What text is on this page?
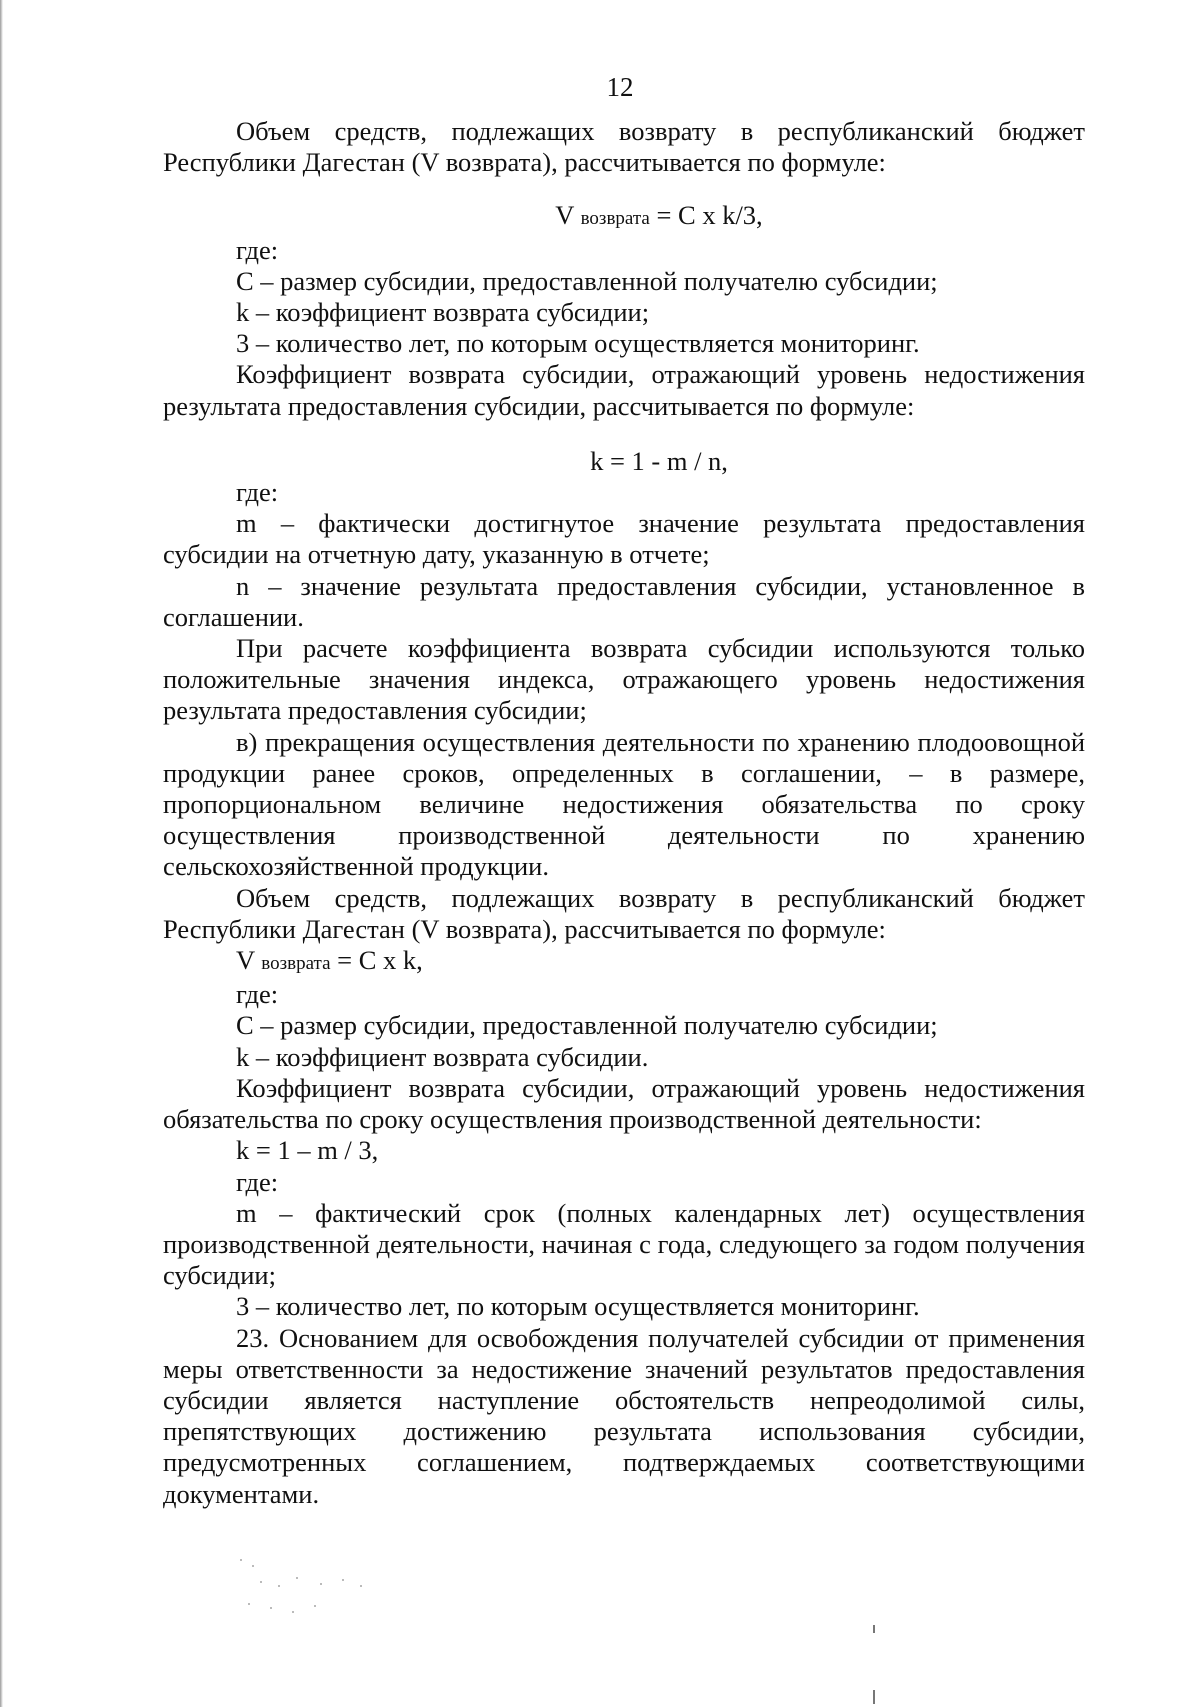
12

Объем средств, подлежащих возврату в республиканский бюджет Республики Дагестан (V возврата), рассчитывается по формуле:

V возврата = C x k/3,

где:

C – размер субсидии, предоставленной получателю субсидии;

k – коэффициент возврата субсидии;

3 – количество лет, по которым осуществляется мониторинг.

Коэффициент возврата субсидии, отражающий уровень недостижения результата предоставления субсидии, рассчитывается по формуле:

k = 1 - m / n,

где:

m – фактически достигнутое значение результата предоставления субсидии на отчетную дату, указанную в отчете;

n – значение результата предоставления субсидии, установленное в соглашении.

При расчете коэффициента возврата субсидии используются только положительные значения индекса, отражающего уровень недостижения результата предоставления субсидии;

в) прекращения осуществления деятельности по хранению плодоовощной продукции ранее сроков, определенных в соглашении, – в размере, пропорциональном величине недостижения обязательства по сроку осуществления производственной деятельности по хранению сельскохозяйственной продукции.

Объем средств, подлежащих возврату в республиканский бюджет Республики Дагестан (V возврата), рассчитывается по формуле:

V возврата = C x k,

где:

C – размер субсидии, предоставленной получателю субсидии;

k – коэффициент возврата субсидии.

Коэффициент возврата субсидии, отражающий уровень недостижения обязательства по сроку осуществления производственной деятельности:

k = 1 – m / 3,

где:

m – фактический срок (полных календарных лет) осуществления производственной деятельности, начиная с года, следующего за годом получения субсидии;

3 – количество лет, по которым осуществляется мониторинг.

23. Основанием для освобождения получателей субсидии от применения меры ответственности за недостижение значений результатов предоставления субсидии является наступление обстоятельств непреодолимой силы, препятствующих достижению результата использования субсидии, предусмотренных соглашением, подтверждаемых соответствующими документами.
